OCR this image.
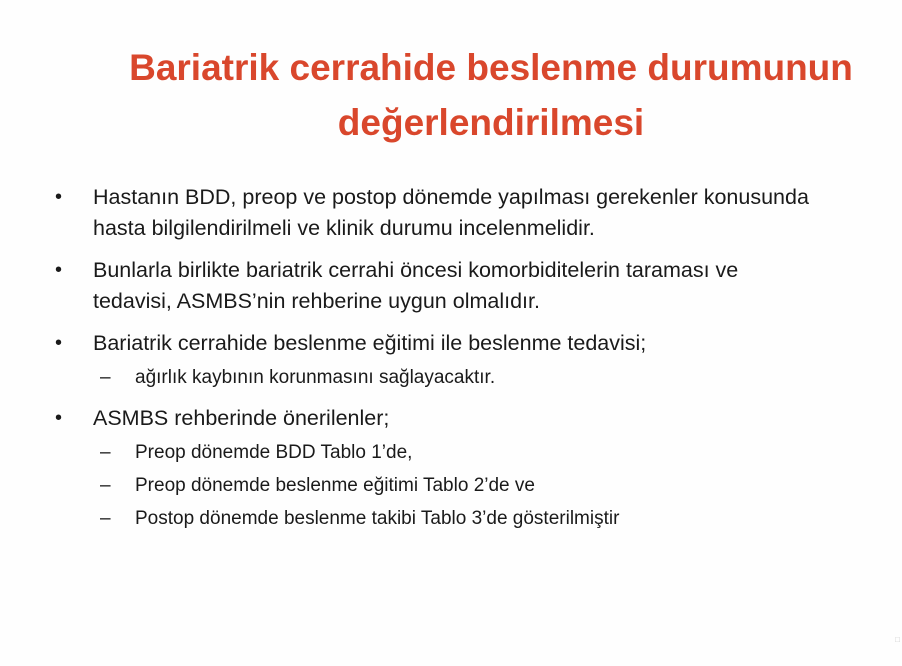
Bariatrik cerrahide beslenme durumunun
değerlendirilmesi
•	Hastanın BDD, preop ve postop dönemde yapılması gerekenler konusunda
hasta bilgilendirilmeli ve klinik durumu incelenmelidir.
•	Bunlarla birlikte bariatrik cerrahi öncesi komorbiditelerin taraması ve
tedavisi, ASMBS’nin rehberine uygun olmalıdır.
•	Bariatrik cerrahide beslenme eğitimi ile beslenme tedavisi;
– ağırlık kaybının korunmasını sağlayacaktır.
•	ASMBS rehberinde önerilenler;
– Preop dönemde BDD Tablo 1’de,
– Preop dönemde beslenme eğitimi Tablo 2’de ve
– Postop dönemde beslenme takibi Tablo 3’de gösterilmiştir
□
